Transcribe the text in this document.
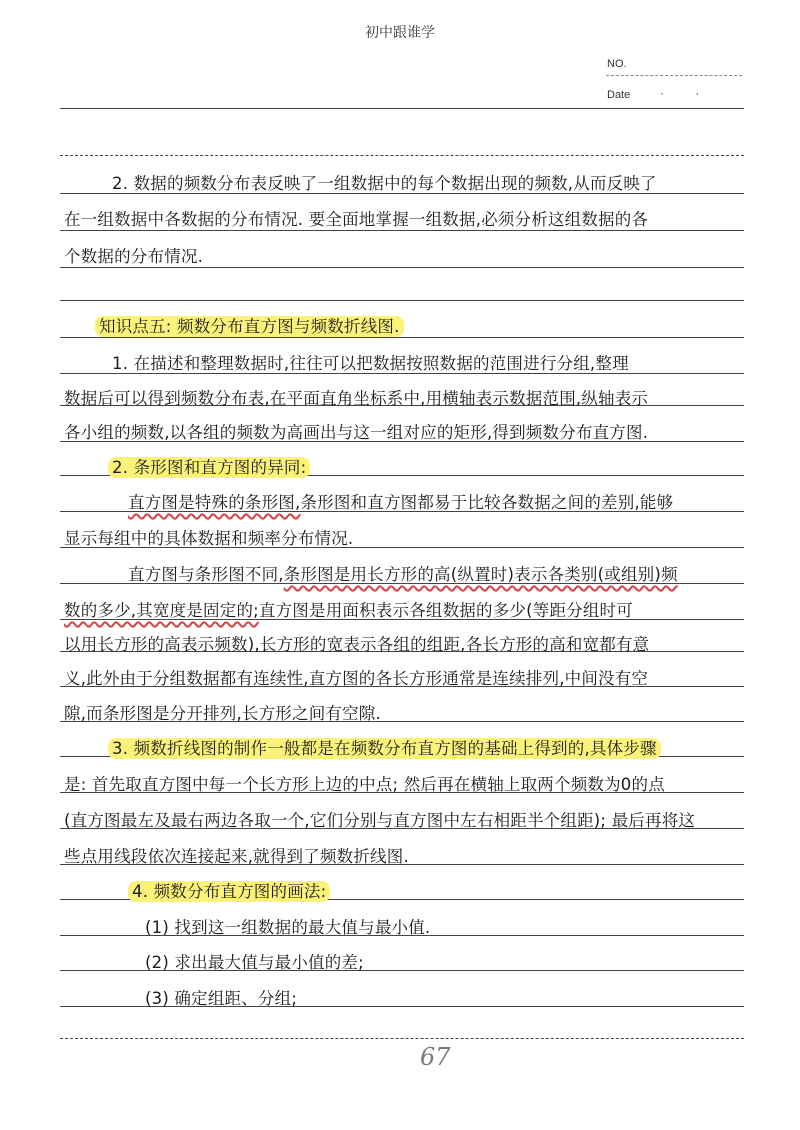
初中跟谁学
NO.
Date · ·
2. 数据的频数分布表反映了一组数据中的每个数据出现的频数,从而反映了
在一组数据中各数据的分布情况. 要全面地掌握一组数据,必须分析这组数据的各
个数据的分布情况.
知识点五: 频数分布直方图与频数折线图.
1. 在描述和整理数据时,往往可以把数据按照数据的范围进行分组,整理
数据后可以得到频数分布表,在平面直角坐标系中,用横轴表示数据范围,纵轴表示
各小组的频数,以各组的频数为高画出与这一组对应的矩形,得到频数分布直方图.
2. 条形图和直方图的异同:
直方图是特殊的条形图,条形图和直方图都易于比较各数据之间的差别,能够
显示每组中的具体数据和频率分布情况.
直方图与条形图不同,条形图是用长方形的高(纵置时)表示各类别(或组别)频
数的多少,其宽度是固定的;直方图是用面积表示各组数据的多少(等距分组时可
以用长方形的高表示频数),长方形的宽表示各组的组距,各长方形的高和宽都有意
义,此外由于分组数据都有连续性,直方图的各长方形通常是连续排列,中间没有空
隙,而条形图是分开排列,长方形之间有空隙.
3. 频数折线图的制作一般都是在频数分布直方图的基础上得到的,具体步骤
是: 首先取直方图中每一个长方形上边的中点; 然后再在横轴上取两个频数为0的点
(直方图最左及最右两边各取一个,它们分别与直方图中左右相距半个组距); 最后再将这
些点用线段依次连接起来,就得到了频数折线图.
4. 频数分布直方图的画法:
(1) 找到这一组数据的最大值与最小值.
(2) 求出最大值与最小值的差;
(3) 确定组距、分组;
67
